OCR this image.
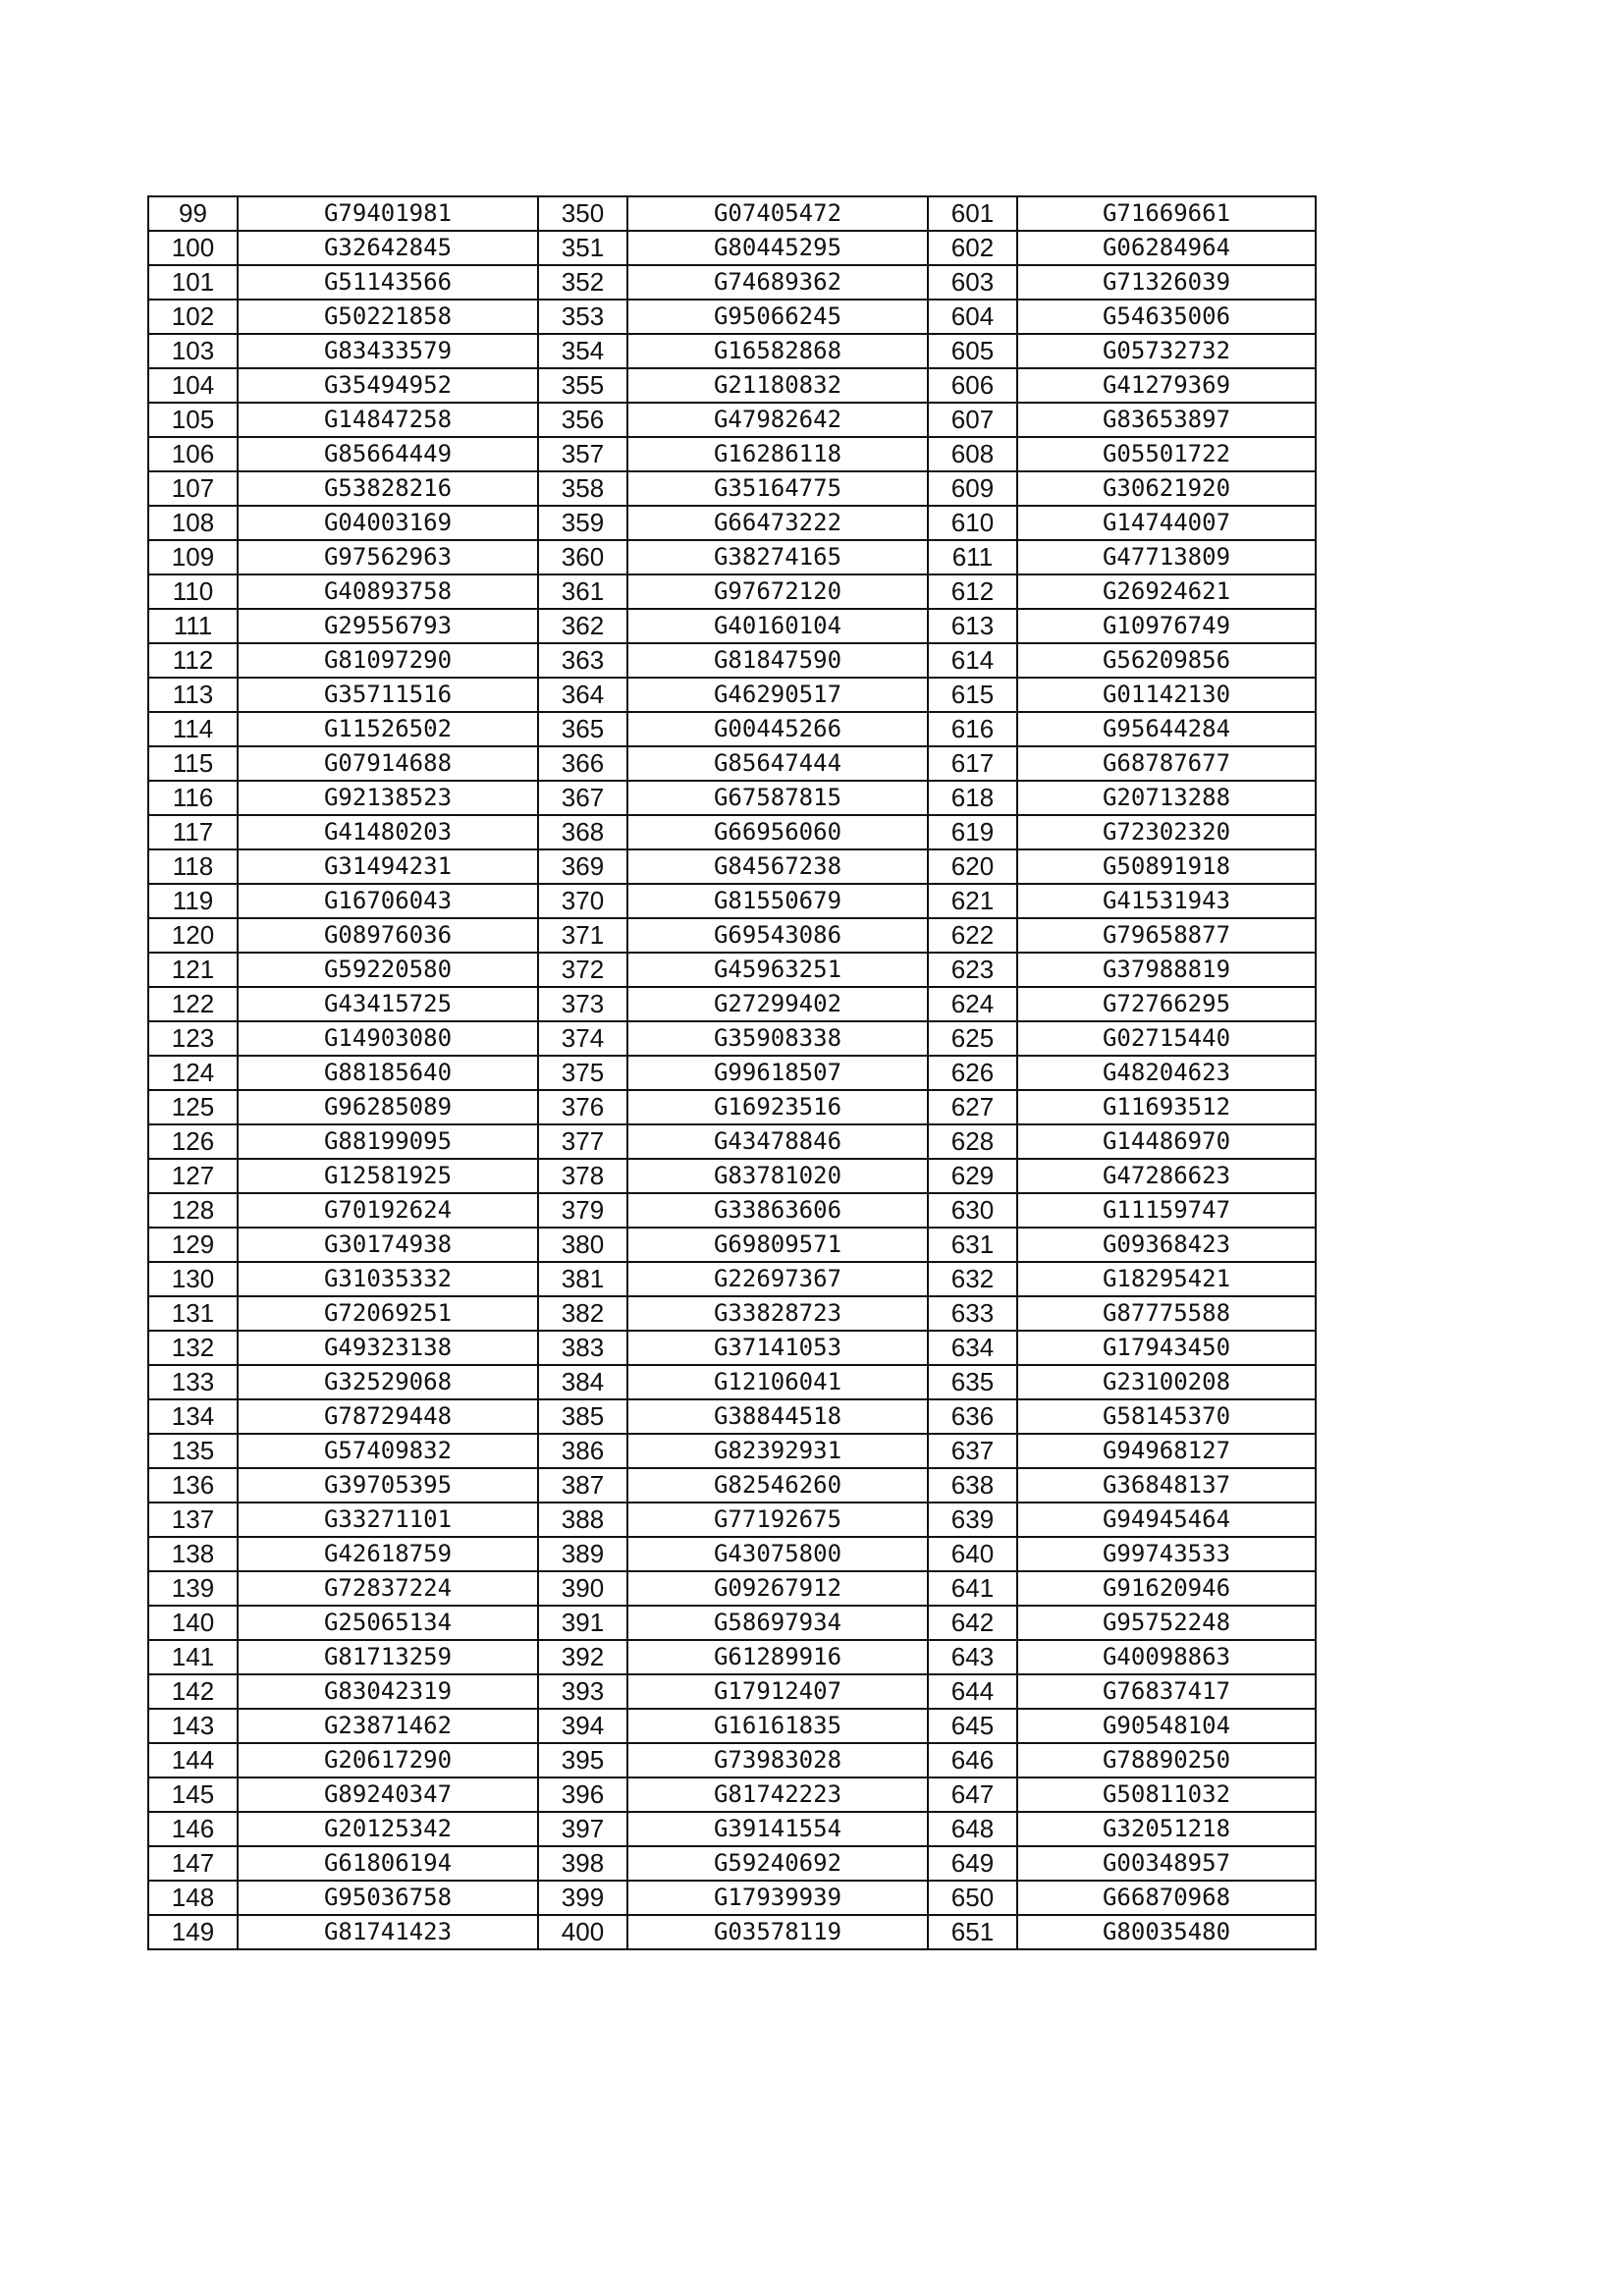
99	G79401981	350	G07405472	601	G71669661
100	G32642845	351	G80445295	602	G06284964
101	G51143566	352	G74689362	603	G71326039
102	G50221858	353	G95066245	604	G54635006
103	G83433579	354	G16582868	605	G05732732
104	G35494952	355	G21180832	606	G41279369
105	G14847258	356	G47982642	607	G83653897
106	G85664449	357	G16286118	608	G05501722
107	G53828216	358	G35164775	609	G30621920
108	G04003169	359	G66473222	610	G14744007
109	G97562963	360	G38274165	611	G47713809
110	G40893758	361	G97672120	612	G26924621
111	G29556793	362	G40160104	613	G10976749
112	G81097290	363	G81847590	614	G56209856
113	G35711516	364	G46290517	615	G01142130
114	G11526502	365	G00445266	616	G95644284
115	G07914688	366	G85647444	617	G68787677
116	G92138523	367	G67587815	618	G20713288
117	G41480203	368	G66956060	619	G72302320
118	G31494231	369	G84567238	620	G50891918
119	G16706043	370	G81550679	621	G41531943
120	G08976036	371	G69543086	622	G79658877
121	G59220580	372	G45963251	623	G37988819
122	G43415725	373	G27299402	624	G72766295
123	G14903080	374	G35908338	625	G02715440
124	G88185640	375	G99618507	626	G48204623
125	G96285089	376	G16923516	627	G11693512
126	G88199095	377	G43478846	628	G14486970
127	G12581925	378	G83781020	629	G47286623
128	G70192624	379	G33863606	630	G11159747
129	G30174938	380	G69809571	631	G09368423
130	G31035332	381	G22697367	632	G18295421
131	G72069251	382	G33828723	633	G87775588
132	G49323138	383	G37141053	634	G17943450
133	G32529068	384	G12106041	635	G23100208
134	G78729448	385	G38844518	636	G58145370
135	G57409832	386	G82392931	637	G94968127
136	G39705395	387	G82546260	638	G36848137
137	G33271101	388	G77192675	639	G94945464
138	G42618759	389	G43075800	640	G99743533
139	G72837224	390	G09267912	641	G91620946
140	G25065134	391	G58697934	642	G95752248
141	G81713259	392	G61289916	643	G40098863
142	G83042319	393	G17912407	644	G76837417
143	G23871462	394	G16161835	645	G90548104
144	G20617290	395	G73983028	646	G78890250
145	G89240347	396	G81742223	647	G50811032
146	G20125342	397	G39141554	648	G32051218
147	G61806194	398	G59240692	649	G00348957
148	G95036758	399	G17939939	650	G66870968
149	G81741423	400	G03578119	651	G80035480
